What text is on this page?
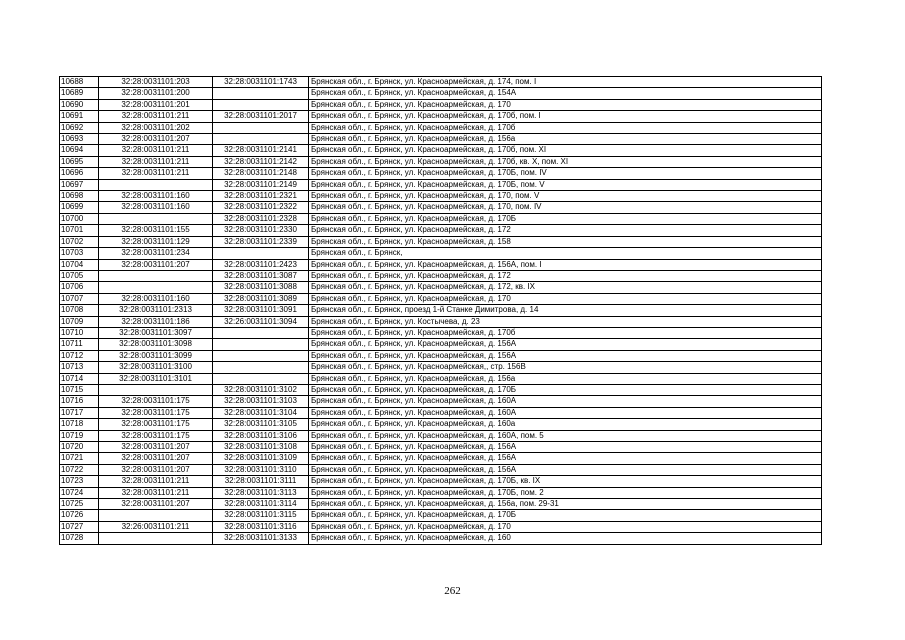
10688	32:28:0031101:203	32:28:0031101:1743	Брянская обл., г. Брянск, ул. Красноармейская, д. 174, пом. I
10689	32:28:0031101:200		Брянская обл., г. Брянск, ул. Красноармейская, д. 154А
10690	32:28:0031101:201		Брянская обл., г. Брянск, ул. Красноармейская, д. 170
10691	32:28:0031101:211	32:28:0031101:2017	Брянская обл., г. Брянск, ул. Красноармейская, д. 170б, пом. I
10692	32:28:0031101:202		Брянская обл., г. Брянск, ул. Красноармейская, д. 170б
10693	32:28:0031101:207		Брянская обл., г. Брянск, ул. Красноармейская, д. 156а
10694	32:28:0031101:211	32:28:0031101:2141	Брянская обл., г. Брянск, ул. Красноармейская, д. 170б, пом. XI
10695	32:28:0031101:211	32:28:0031101:2142	Брянская обл., г. Брянск, ул. Красноармейская, д. 170б, кв. X, пом. XI
10696	32:28:0031101:211	32:28:0031101:2148	Брянская обл., г. Брянск, ул. Красноармейская, д. 170Б, пом. IV
10697		32:28:0031101:2149	Брянская обл., г. Брянск, ул. Красноармейская, д. 170Б, пом. V
10698	32:28:0031101:160	32:28:0031101:2321	Брянская обл., г. Брянск, ул. Красноармейская, д. 170, пом. V
10699	32:28:0031101:160	32:28:0031101:2322	Брянская обл., г. Брянск, ул. Красноармейская, д. 170, пом. IV
10700		32:28:0031101:2328	Брянская обл., г. Брянск, ул. Красноармейская, д. 170Б
10701	32:28:0031101:155	32:28:0031101:2330	Брянская обл., г. Брянск, ул. Красноармейская, д. 172
10702	32:28:0031101:129	32:28:0031101:2339	Брянская обл., г. Брянск, ул. Красноармейская, д. 158
10703	32:28:0031101:234		Брянская обл., г. Брянск,
10704	32:28:0031101:207	32:28:0031101:2423	Брянская обл., г. Брянск, ул. Красноармейская, д. 156А, пом. I
10705		32:28:0031101:3087	Брянская обл., г. Брянск, ул. Красноармейская, д. 172
10706		32:28:0031101:3088	Брянская обл., г. Брянск, ул. Красноармейская, д. 172, кв. IX
10707	32:28:0031101:160	32:28:0031101:3089	Брянская обл., г. Брянск, ул. Красноармейская, д. 170
10708	32:28:0031101:2313	32:28:0031101:3091	Брянская обл., г. Брянск, проезд 1-й Станке Димитрова, д. 14
10709	32:28:0031101:186	32:26:0031101:3094	Брянская обл., г. Брянск, ул. Костычева, д. 23
10710	32:28:0031101:3097		Брянская обл., г. Брянск, ул. Красноармейская, д. 170б
10711	32:28:0031101:3098		Брянская обл., г. Брянск, ул. Красноармейская, д. 156А
10712	32:28:0031101:3099		Брянская обл., г. Брянск, ул. Красноармейская, д. 156А
10713	32:28:0031101:3100		Брянская обл., г. Брянск, ул. Красноармейская,, стр. 156В
10714	32:28:0031101:3101		Брянская обл., г. Брянск, ул. Красноармейская, д. 156а
10715		32:28:0031101:3102	Брянская обл., г. Брянск, ул. Красноармейская, д. 170Б
10716	32:28:0031101:175	32:28:0031101:3103	Брянская обл., г. Брянск, ул. Красноармейская, д. 160А
10717	32:28:0031101:175	32:28:0031101:3104	Брянская обл., г. Брянск, ул. Красноармейская, д. 160А
10718	32:28:0031101:175	32:28:0031101:3105	Брянская обл., г. Брянск, ул. Красноармейская, д. 160а
10719	32:28:0031101:175	32:28:0031101:3106	Брянская обл., г. Брянск, ул. Красноармейская, д. 160А, пом. 5
10720	32:28:0031101:207	32:28:0031101:3108	Брянская обл., г. Брянск, ул. Красноармейская, д. 156А
10721	32:28:0031101:207	32:28:0031101:3109	Брянская обл., г. Брянск, ул. Красноармейская, д. 156А
10722	32:28:0031101:207	32:28:0031101:3110	Брянская обл., г. Брянск, ул. Красноармейская, д. 156А
10723	32:28:0031101:211	32:28:0031101:3111	Брянская обл., г. Брянск, ул. Красноармейская, д. 170Б, кв. IX
10724	32:28:0031101:211	32:28:0031101:3113	Брянская обл., г. Брянск, ул. Красноармейская, д. 170Б, пом. 2
10725	32:28:0031101:207	32:28:0031101:3114	Брянская обл., г. Брянск, ул. Красноармейская, д. 156а, пом. 29-31
10726		32:28:0031101:3115	Брянская обл., г. Брянск, ул. Красноармейская, д. 170Б
10727	32:26:0031101:211	32:28:0031101:3116	Брянская обл., г. Брянск, ул. Красноармейская, д. 170
10728		32:28:0031101:3133	Брянская обл., г. Брянск, ул. Красноармейская, д. 160
262
